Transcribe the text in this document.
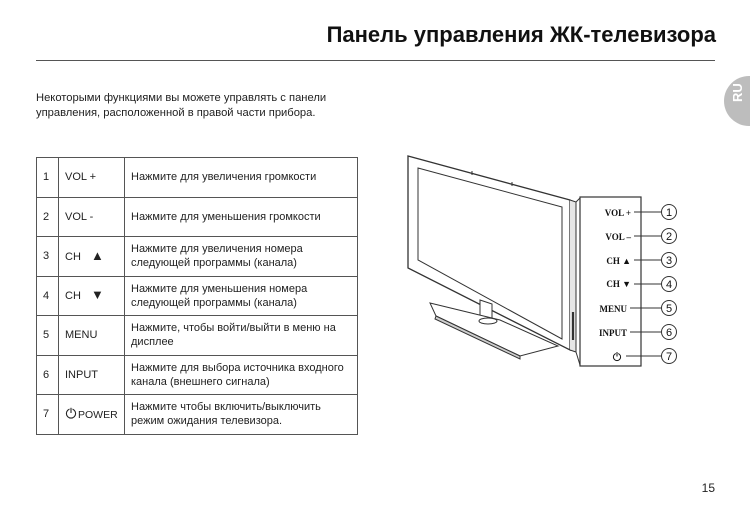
Панель управления ЖК-телевизора
RU

Некоторыми функциями вы можете управлять с панели управления, расположенной в правой части прибора.

1	VOL +	Нажмите для увеличения громкости
2	VOL -	Нажмите для уменьшения громкости
3	CH ▲	Нажмите для увеличения номера следующей программы (канала)
4	CH ▼	Нажмите для уменьшения номера следующей программы (канала)
5	MENU	Нажмите, чтобы войти/выйти в меню на дисплее
6	INPUT	Нажмите для выбора источника входного канала (внешнего сигнала)
7	POWER	Нажмите чтобы включить/выключить режим ожидания телевизора.
VOL +
VOL –
CH ▲
CH ▼
MENU
INPUT
1
2
3
4
5
6
7
15
